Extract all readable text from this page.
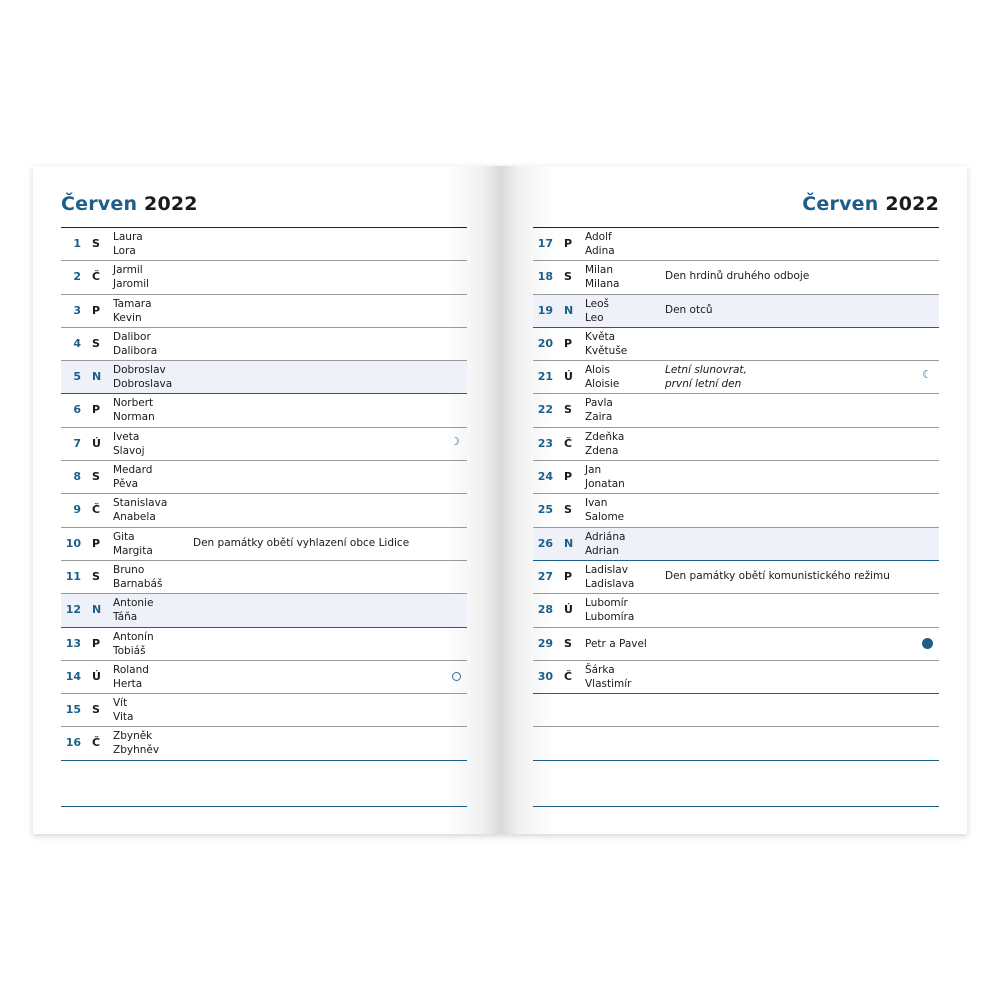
Červen 2022
1 S Laura
Lora
2 Č Jarmil
Jaromil
3 P Tamara
Kevin
4 S Dalibor
Dalibora
5 N Dobroslav
Dobroslava
6 P Norbert
Norman
7 Ú Iveta
Slavoj
☽
8 S Medard
Pěva
9 Č Stanislava
Anabela
10 P Gita
Margita
Den památky obětí vyhlazení obce Lidice
11 S Bruno
Barnabáš
12 N Antonie
Táňa
13 P Antonín
Tobiáš
14 Ú Roland
Herta
15 S Vít
Vita
16 Č Zbyněk
Zbyhněv
Červen 2022
17 P Adolf
Adina
18 S Milan
Milana
Den hrdinů druhého odboje
19 N Leoš
Leo
Den otců
20 P Květa
Květuše
21 Ú Alois
Aloisie
Letní slunovrat,
první letní den
☾
22 S Pavla
Zaira
23 Č Zdeňka
Zdena
24 P Jan
Jonatan
25 S Ivan
Salome
26 N Adriána
Adrian
27 P Ladislav
Ladislava
Den památky obětí komunistického režimu
28 Ú Lubomír
Lubomíra
29 S Petr a Pavel
30 Č Šárka
Vlastimír
